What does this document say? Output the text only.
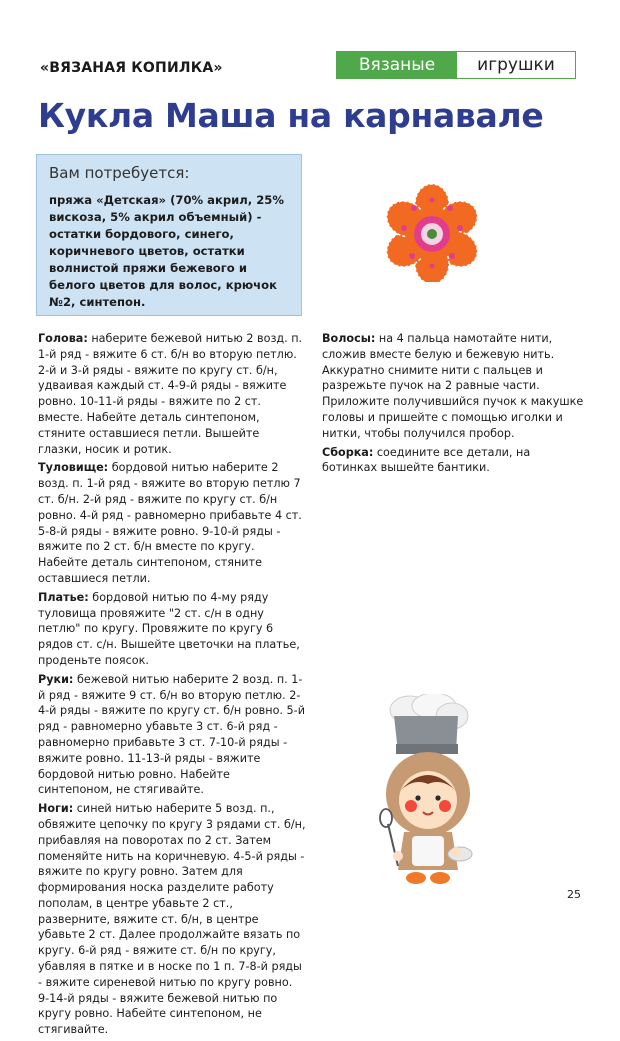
«ВЯЗАНАЯ КОПИЛКА»	Вязаные	игрушки
Кукла Маша на карнавале
Вам потребуется:
пряжа «Детская» (70% акрил, 25% вискоза, 5% акрил объемный) - остатки бордового, синего, коричневого цветов, остатки волнистой пряжи бежевого и белого цветов для волос, крючок №2, синтепон.

Голова: наберите бежевой нитью 2 возд. п. 1-й ряд - вяжите 6 ст. б/н во вторую петлю. 2-й и 3-й ряды - вяжите по кругу ст. б/н, удваивая каждый ст. 4-9-й ряды - вяжите ровно. 10-11-й ряды - вяжите по 2 ст. вместе. Набейте деталь синтепоном, стяните оставшиеся петли. Вышейте глазки, носик и ротик.

Туловище: бордовой нитью наберите 2 возд. п. 1-й ряд - вяжите во вторую петлю 7 ст. б/н. 2-й ряд - вяжите по кругу ст. б/н ровно. 4-й ряд - равномерно прибавьте 4 ст. 5-8-й ряды - вяжите ровно. 9-10-й ряды - вяжите по 2 ст. б/н вместе по кругу. Набейте деталь синтепоном, стяните оставшиеся петли.

Платье: бордовой нитью по 4-му ряду туловища провяжите "2 ст. с/н в одну петлю" по кругу. Провяжите по кругу 6 рядов ст. с/н. Вышейте цветочки на платье, проденьте поясок.

Руки: бежевой нитью наберите 2 возд. п. 1-й ряд - вяжите 9 ст. б/н во вторую петлю. 2-4-й ряды - вяжите по кругу ст. б/н ровно. 5-й ряд - равномерно убавьте 3 ст. 6-й ряд - равномерно прибавьте 3 ст. 7-10-й ряды - вяжите ровно. 11-13-й ряды - вяжите бордовой нитью ровно. Набейте синтепоном, не стягивайте.

Ноги: синей нитью наберите 5 возд. п., обвяжите цепочку по кругу 3 рядами ст. б/н, прибавляя на поворотах по 2 ст. Затем поменяйте нить на коричневую. 4-5-й ряды - вяжите по кругу ровно. Затем для формирования носка разделите работу пополам, в центре убавьте 2 ст., разверните, вяжите ст. б/н, в центре убавьте 2 ст. Далее продолжайте вязать по кругу. 6-й ряд - вяжите ст. б/н по кругу, убавляя в пятке и в носке по 1 п. 7-8-й ряды - вяжите сиреневой нитью по кругу ровно. 9-14-й ряды - вяжите бежевой нитью по кругу ровно. Набейте синтепоном, не стягивайте.

Волосы: на 4 пальца намотайте нити, сложив вместе белую и бежевую нить. Аккуратно снимите нити с пальцев и разрежьте пучок на 2 равные части. Приложите получившийся пучок к макушке головы и пришейте с помощью иголки и нитки, чтобы получился пробор.

Сборка: соедините все детали, на ботинках вышейте бантики.

25
